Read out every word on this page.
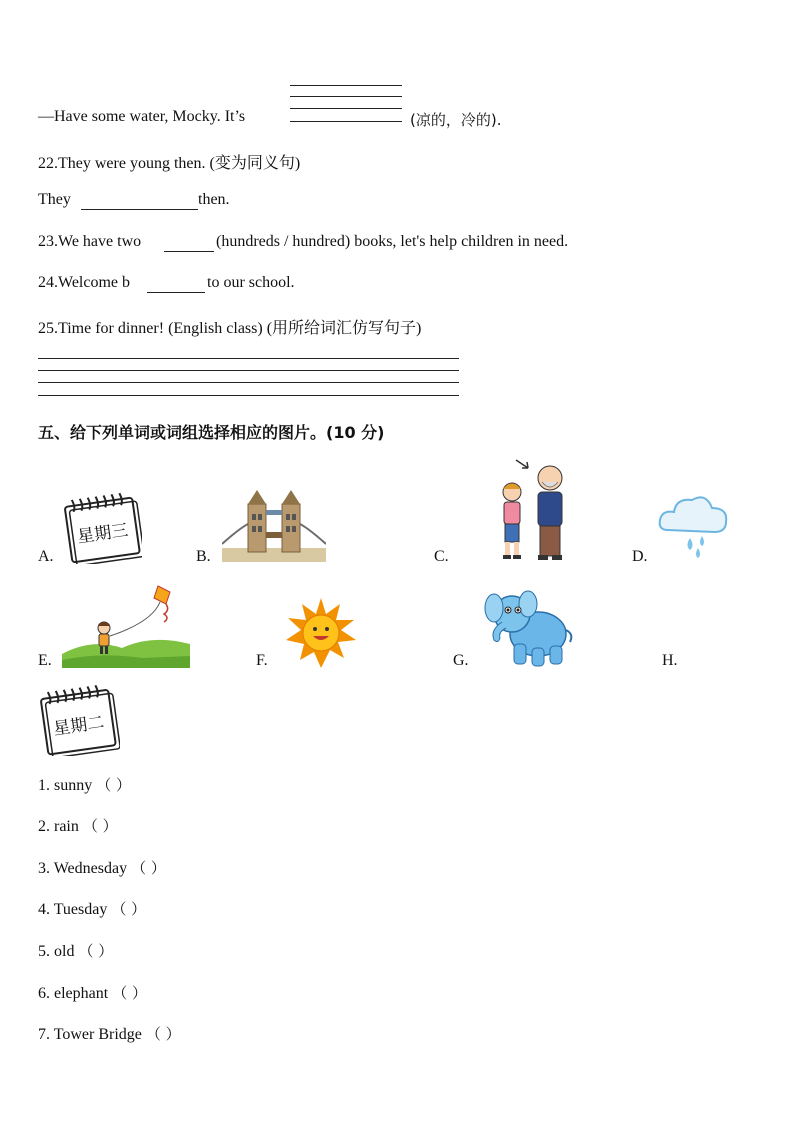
—Have some water, Mocky. It’s	(凉的，冷的).
22.They were young then. (变为同义句)
They	then.
23.We have two	(hundreds / hundred) books, let's help children in need.
24.Welcome b	to our school.
25.Time for dinner! (English class) (用所给词汇仿写句子)
五、给下列单词或词组选择相应的图片。(10 分)
A.
星期三
B.	C.	D.
E.	F.	G.	H.
星期二
1. sunny （ ）
2. rain （ ）
3. Wednesday （ ）
4. Tuesday （ ）
5. old （ ）
6. elephant （ ）
7. Tower Bridge （ ）
